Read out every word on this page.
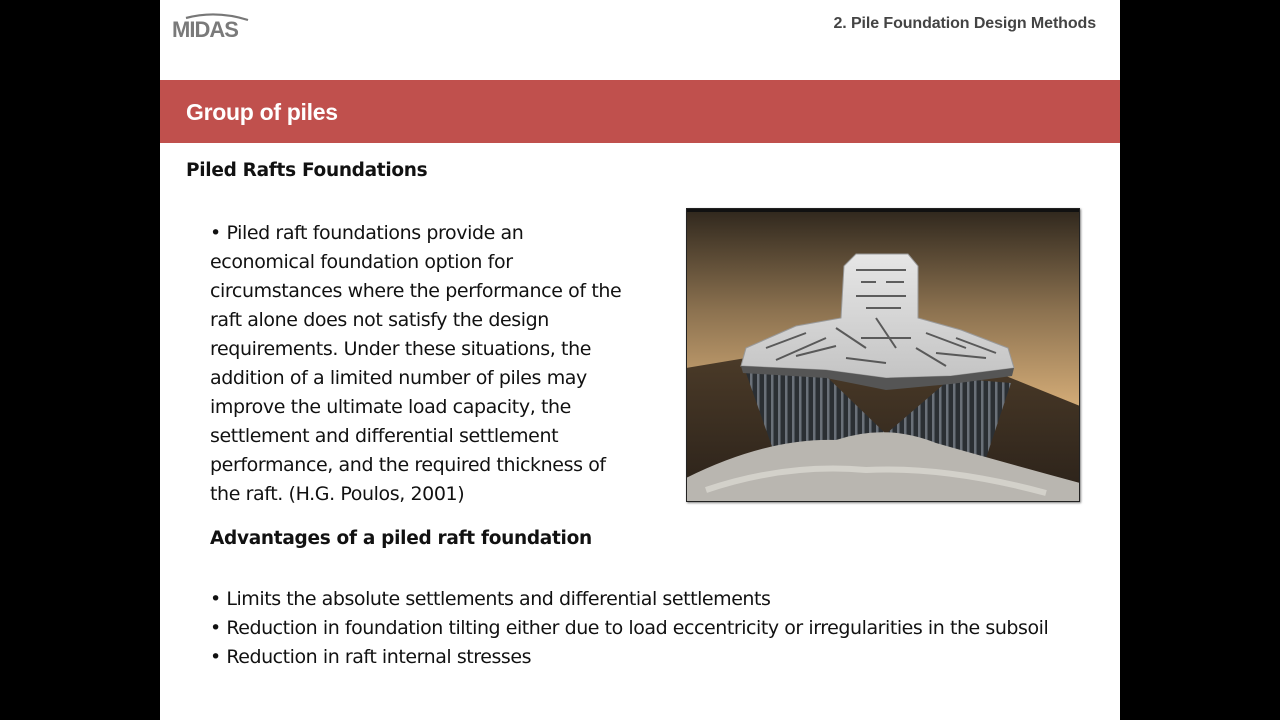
MIDAS	2. Pile Foundation Design Methods
Group of piles
Piled Rafts Foundations
• Piled raft foundations provide an
economical foundation option for
circumstances where the performance of the
raft alone does not satisfy the design
requirements. Under these situations, the
addition of a limited number of piles may
improve the ultimate load capacity, the
settlement and differential settlement
performance, and the required thickness of
the raft. (H.G. Poulos, 2001)
Advantages of a piled raft foundation
• Limits the absolute settlements and differential settlements
• Reduction in foundation tilting either due to load eccentricity or irregularities in the subsoil
• Reduction in raft internal stresses
